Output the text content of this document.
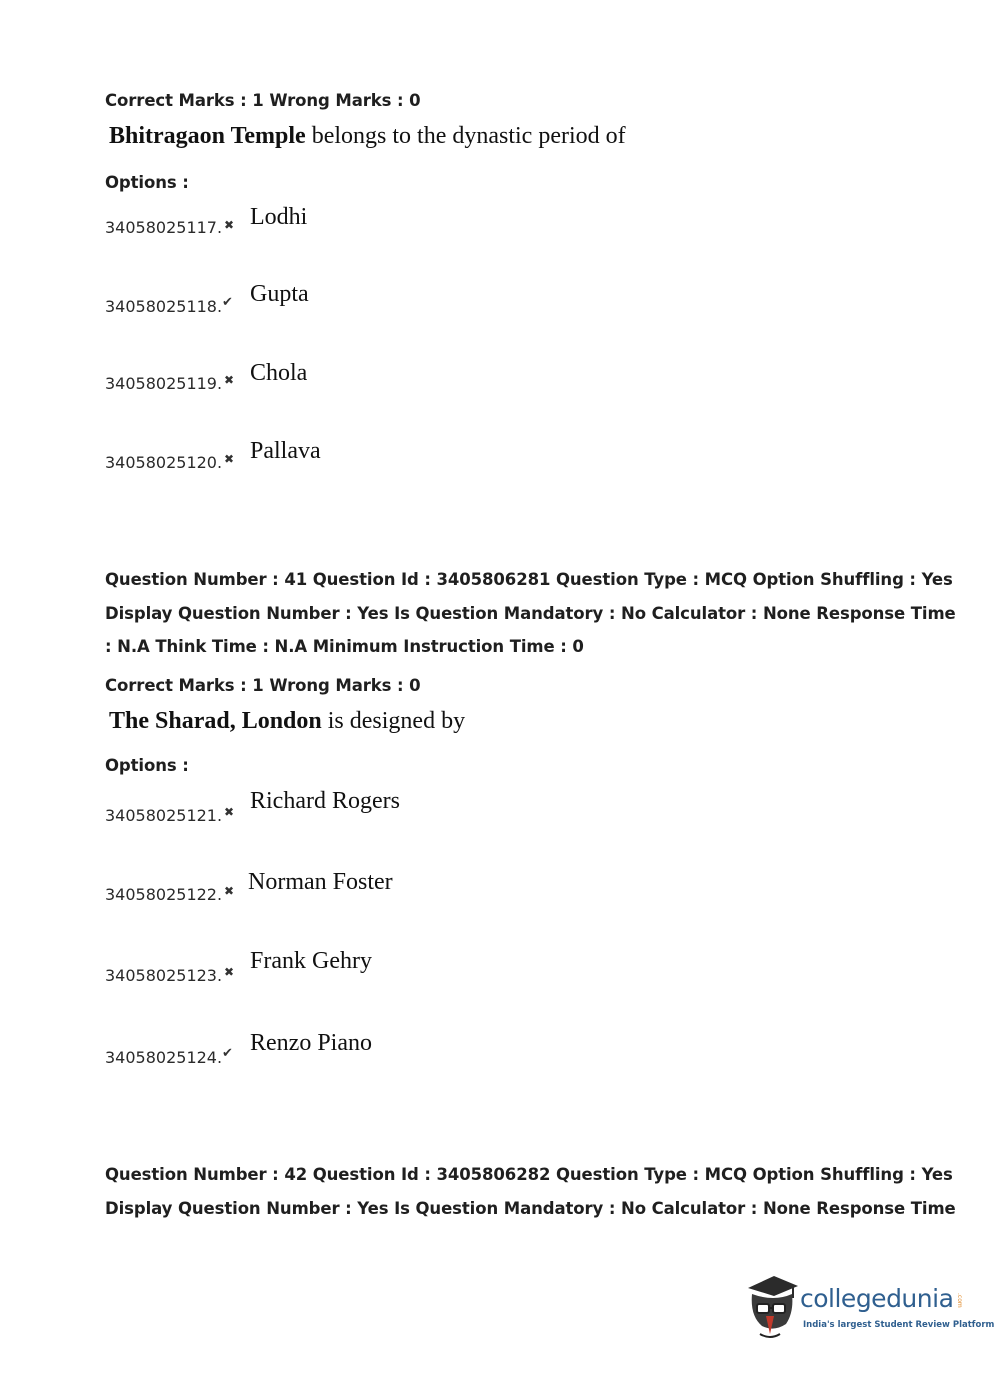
Correct Marks : 1 Wrong Marks : 0
Bhitragaon Temple belongs to the dynastic period of
Options :
34058025117. ✖ Lodhi
34058025118. ✔ Gupta
34058025119. ✖ Chola
34058025120. ✖ Pallava
Question Number : 41 Question Id : 3405806281 Question Type : MCQ Option Shuffling : Yes
Display Question Number : Yes Is Question Mandatory : No Calculator : None Response Time
: N.A Think Time : N.A Minimum Instruction Time : 0
Correct Marks : 1 Wrong Marks : 0
The Sharad, London is designed by
Options :
34058025121. ✖ Richard Rogers
34058025122. ✖ Norman Foster
34058025123. ✖ Frank Gehry
34058025124. ✔ Renzo Piano
Question Number : 42 Question Id : 3405806282 Question Type : MCQ Option Shuffling : Yes
Display Question Number : Yes Is Question Mandatory : No Calculator : None Response Time
collegedunia .com
India's largest Student Review Platform
